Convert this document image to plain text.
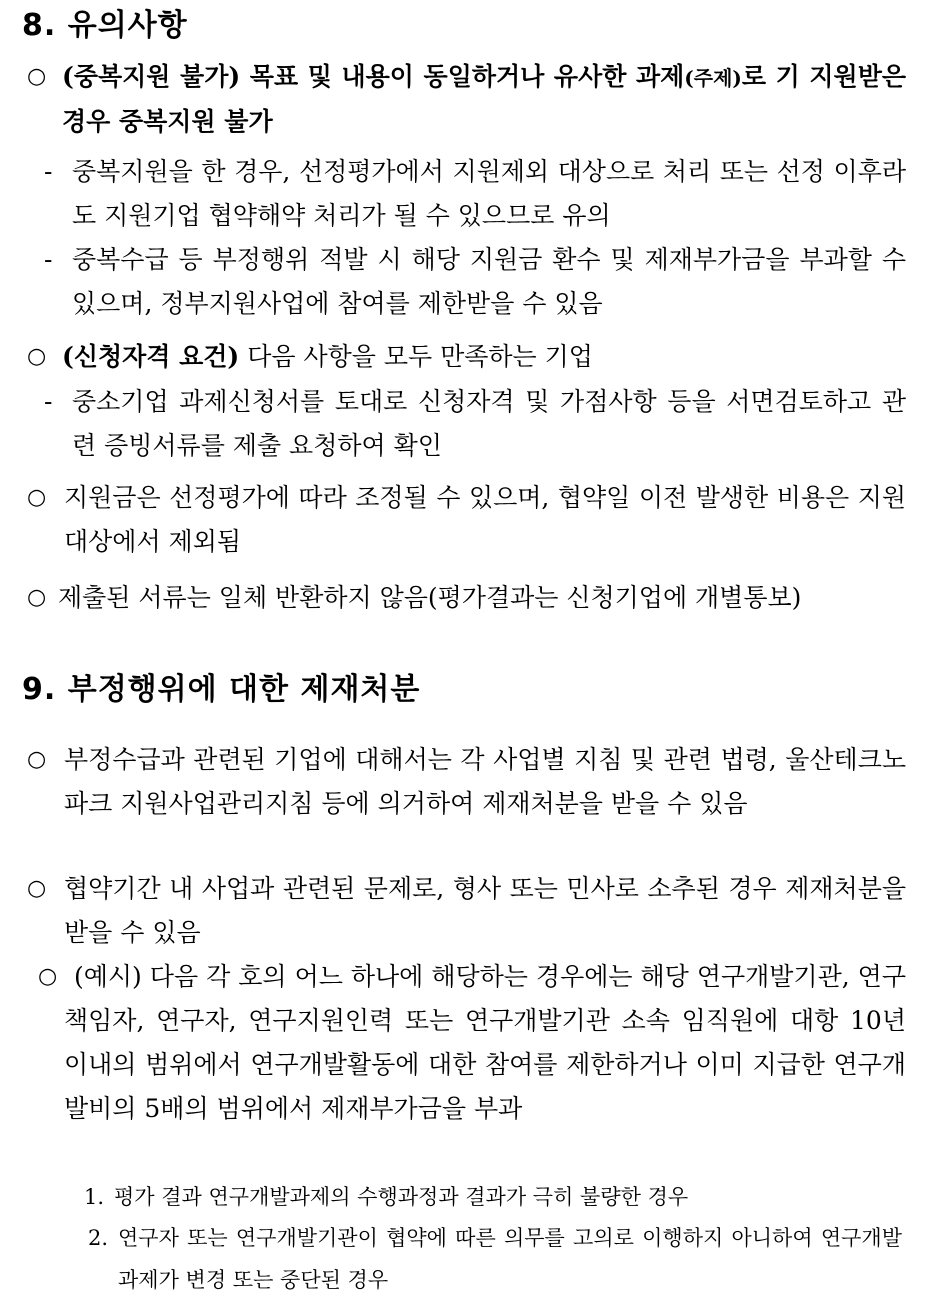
8. 유의사항
○ (중복지원 불가) 목표 및 내용이 동일하거나 유사한 과제(주제)로 기 지원받은 경우 중복지원 불가
- 중복지원을 한 경우, 선정평가에서 지원제외 대상으로 처리 또는 선정 이후라도 지원기업 협약해약 처리가 될 수 있으므로 유의
- 중복수급 등 부정행위 적발 시 해당 지원금 환수 및 제재부가금을 부과할 수 있으며, 정부지원사업에 참여를 제한받을 수 있음
○ (신청자격 요건) 다음 사항을 모두 만족하는 기업
- 중소기업 과제신청서를 토대로 신청자격 및 가점사항 등을 서면검토하고 관련 증빙서류를 제출 요청하여 확인
○ 지원금은 선정평가에 따라 조정될 수 있으며, 협약일 이전 발생한 비용은 지원대상에서 제외됨
○ 제출된 서류는 일체 반환하지 않음(평가결과는 신청기업에 개별통보)
9. 부정행위에 대한 제재처분
○ 부정수급과 관련된 기업에 대해서는 각 사업별 지침 및 관련 법령, 울산테크노파크 지원사업관리지침 등에 의거하여 제재처분을 받을 수 있음
○ 협약기간 내 사업과 관련된 문제로, 형사 또는 민사로 소추된 경우 제재처분을 받을 수 있음
○ (예시) 다음 각 호의 어느 하나에 해당하는 경우에는 해당 연구개발기관, 연구책임자, 연구자, 연구지원인력 또는 연구개발기관 소속 임직원에 대항 10년 이내의 범위에서 연구개발활동에 대한 참여를 제한하거나 이미 지급한 연구개발비의 5배의 범위에서 제재부가금을 부과
1. 평가 결과 연구개발과제의 수행과정과 결과가 극히 불량한 경우
2. 연구자 또는 연구개발기관이 협약에 따른 의무를 고의로 이행하지 아니하여 연구개발과제가 변경 또는 중단된 경우
